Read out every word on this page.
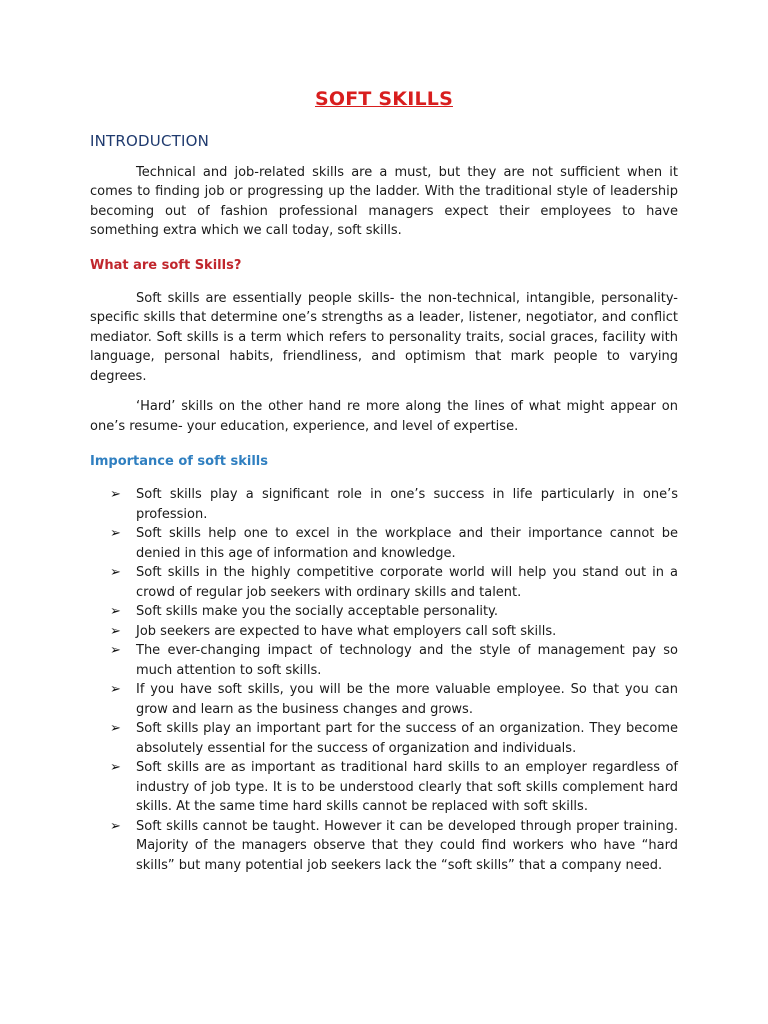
SOFT SKILLS
INTRODUCTION

Technical and job-related skills are a must, but they are not sufficient when it comes to finding job or progressing up the ladder. With the traditional style of leadership becoming out of fashion professional managers expect their employees to have something extra which we call today, soft skills.

What are soft Skills?

Soft skills are essentially people skills- the non-technical, intangible, personality-specific skills that determine one’s strengths as a leader, listener, negotiator, and conflict mediator. Soft skills is a term which refers to personality traits, social graces, facility with language, personal habits, friendliness, and optimism that mark people to varying degrees.

‘Hard’ skills on the other hand re more along the lines of what might appear on one’s resume- your education, experience, and level of expertise.

Importance of soft skills
➢	Soft skills play a significant role in one’s success in life particularly in one’s profession.
➢	Soft skills help one to excel in the workplace and their importance cannot be denied in this age of information and knowledge.
➢	Soft skills in the highly competitive corporate world will help you stand out in a crowd of regular job seekers with ordinary skills and talent.
➢	Soft skills make you the socially acceptable personality.
➢	Job seekers are expected to have what employers call soft skills.
➢	The ever-changing impact of technology and the style of management pay so much attention to soft skills.
➢	If you have soft skills, you will be the more valuable employee. So that you can grow and learn as the business changes and grows.
➢	Soft skills play an important part for the success of an organization. They become absolutely essential for the success of organization and individuals.
➢	Soft skills are as important as traditional hard skills to an employer regardless of industry of job type. It is to be understood clearly that soft skills complement hard skills. At the same time hard skills cannot be replaced with soft skills.
➢	Soft skills cannot be taught. However it can be developed through proper training. Majority of the managers observe that they could find workers who have “hard skills” but many potential job seekers lack the “soft skills” that a company need.
